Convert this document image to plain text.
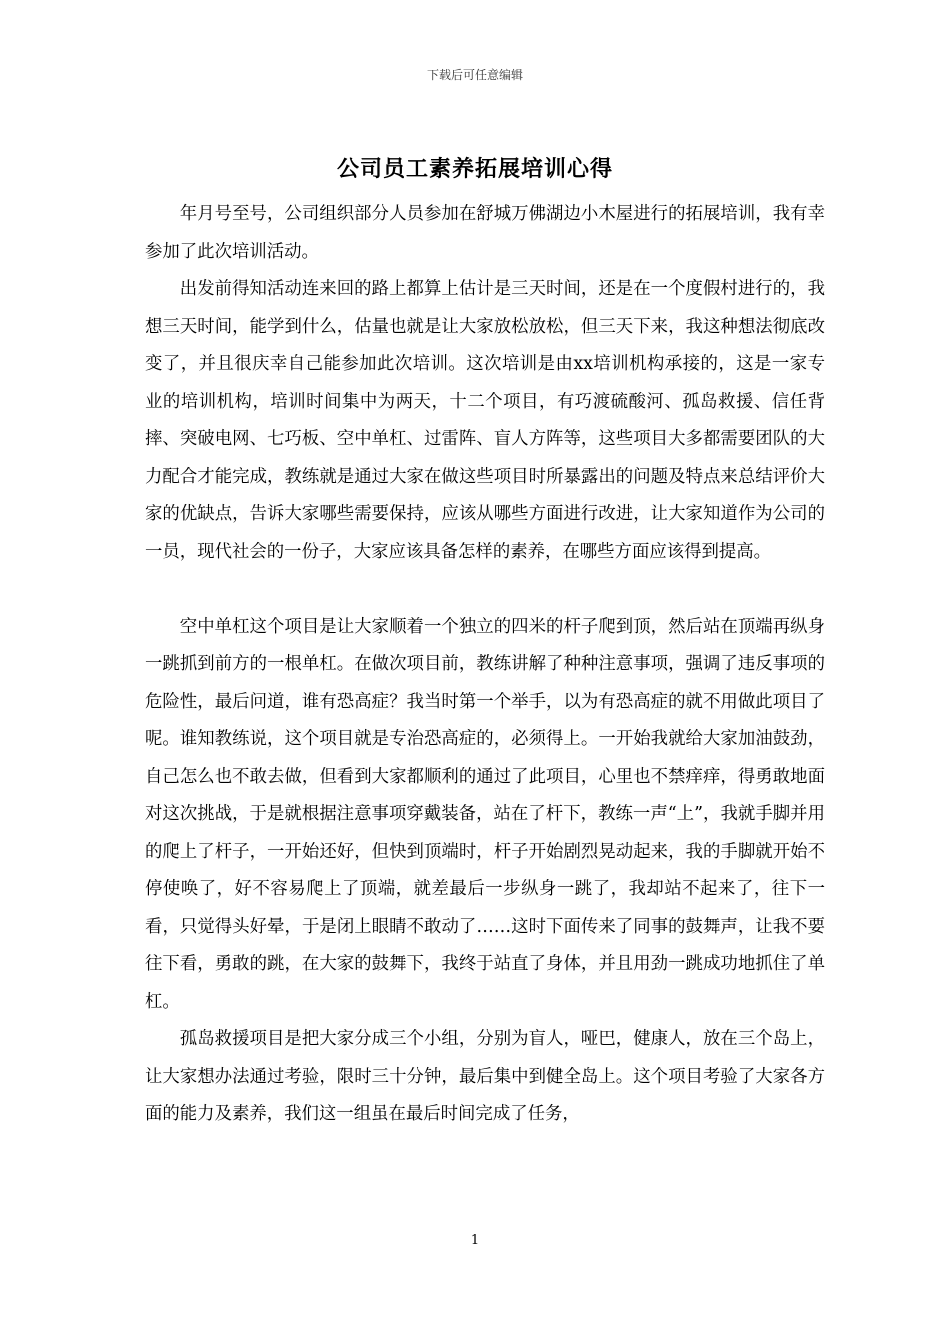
下载后可任意编辑
公司员工素养拓展培训心得

年月号至号，公司组织部分人员参加在舒城万佛湖边小木屋进行的拓展培训，我有幸参加了此次培训活动。

出发前得知活动连来回的路上都算上估计是三天时间，还是在一个度假村进行的，我想三天时间，能学到什么，估量也就是让大家放松放松，但三天下来，我这种想法彻底改变了，并且很庆幸自己能参加此次培训。这次培训是由xx培训机构承接的，这是一家专业的培训机构，培训时间集中为两天，十二个项目，有巧渡硫酸河、孤岛救援、信任背摔、突破电网、七巧板、空中单杠、过雷阵、盲人方阵等，这些项目大多都需要团队的大力配合才能完成，教练就是通过大家在做这些项目时所暴露出的问题及特点来总结评价大家的优缺点，告诉大家哪些需要保持，应该从哪些方面进行改进，让大家知道作为公司的一员，现代社会的一份子，大家应该具备怎样的素养，在哪些方面应该得到提高。

空中单杠这个项目是让大家顺着一个独立的四米的杆子爬到顶，然后站在顶端再纵身一跳抓到前方的一根单杠。在做次项目前，教练讲解了种种注意事项，强调了违反事项的危险性，最后问道，谁有恐高症？我当时第一个举手，以为有恐高症的就不用做此项目了呢。谁知教练说，这个项目就是专治恐高症的，必须得上。一开始我就给大家加油鼓劲，自己怎么也不敢去做，但看到大家都顺利的通过了此项目，心里也不禁痒痒，得勇敢地面对这次挑战，于是就根据注意事项穿戴装备，站在了杆下，教练一声“上”，我就手脚并用的爬上了杆子，一开始还好，但快到顶端时，杆子开始剧烈晃动起来，我的手脚就开始不停使唤了，好不容易爬上了顶端，就差最后一步纵身一跳了，我却站不起来了，往下一看，只觉得头好晕，于是闭上眼睛不敢动了……这时下面传来了同事的鼓舞声，让我不要往下看，勇敢的跳，在大家的鼓舞下，我终于站直了身体，并且用劲一跳成功地抓住了单杠。

孤岛救援项目是把大家分成三个小组，分别为盲人，哑巴，健康人，放在三个岛上，让大家想办法通过考验，限时三十分钟，最后集中到健全岛上。这个项目考验了大家各方面的能力及素养，我们这一组虽在最后时间完成了任务，

1
